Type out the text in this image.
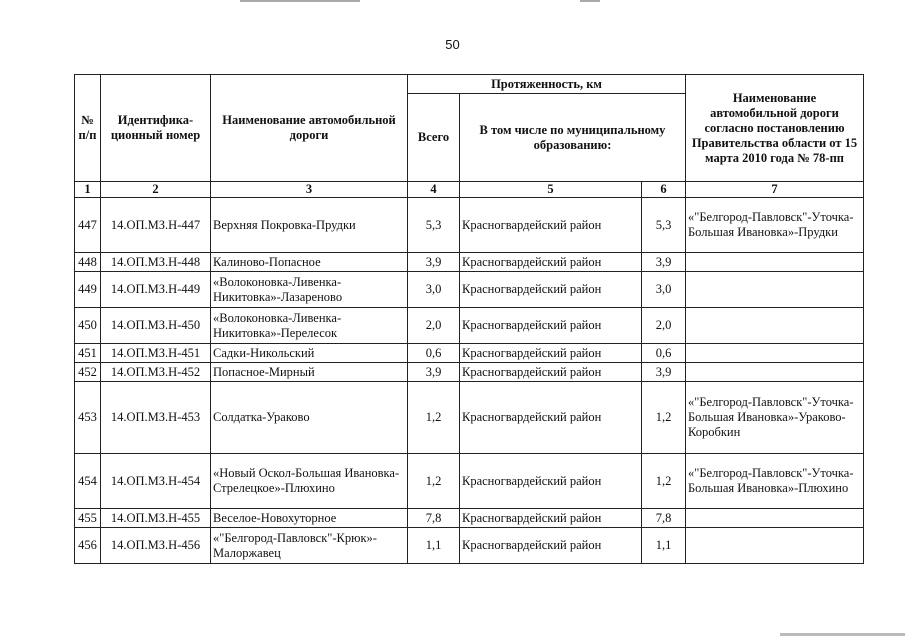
50
№ п/п	Идентифика-ционный номер	Наименование автомобильной дороги	Протяженность, км			Наименование автомобильной дороги согласно постановлению Правительства области от 15 марта 2010 года № 78-пп
			Всего	В том числе по муниципальному образованию:		
1	2	3	4	5	6	7
447	14.ОП.МЗ.Н-447	Верхняя Покровка-Прудки	5,3	Красногвардейский район	5,3	«"Белгород-Павловск"-Уточка-Большая Ивановка»-Прудки
448	14.ОП.МЗ.Н-448	Калиново-Попасное	3,9	Красногвардейский район	3,9	
449	14.ОП.МЗ.Н-449	«Волоконовка-Ливенка-Никитовка»-Лазареново	3,0	Красногвардейский район	3,0	
450	14.ОП.МЗ.Н-450	«Волоконовка-Ливенка-Никитовка»-Перелесок	2,0	Красногвардейский район	2,0	
451	14.ОП.МЗ.Н-451	Садки-Никольский	0,6	Красногвардейский район	0,6	
452	14.ОП.МЗ.Н-452	Попасное-Мирный	3,9	Красногвардейский район	3,9	
453	14.ОП.МЗ.Н-453	Солдатка-Ураково	1,2	Красногвардейский район	1,2	«"Белгород-Павловск"-Уточка-Большая Ивановка»-Ураково-Коробкин
454	14.ОП.МЗ.Н-454	«Новый Оскол-Большая Ивановка-Стрелецкое»-Плюхино	1,2	Красногвардейский район	1,2	«"Белгород-Павловск"-Уточка-Большая Ивановка»-Плюхино
455	14.ОП.МЗ.Н-455	Веселое-Новохуторное	7,8	Красногвардейский район	7,8	
456	14.ОП.МЗ.Н-456	«"Белгород-Павловск"-Крюк»-Малоржавец	1,1	Красногвардейский район	1,1	
